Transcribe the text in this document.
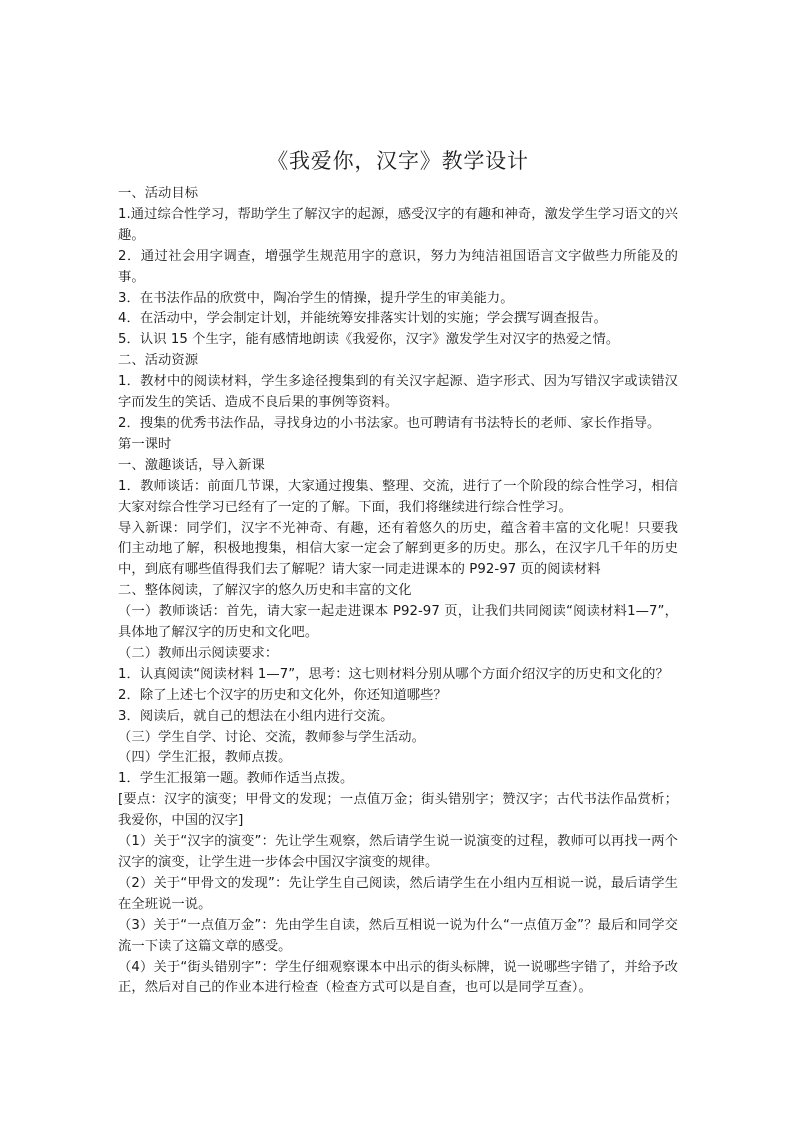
《我爱你，汉字》教学设计

一、活动目标

1.通过综合性学习，帮助学生了解汉字的起源，感受汉字的有趣和神奇，激发学生学习语文的兴趣。

2．通过社会用字调查，增强学生规范用字的意识，努力为纯洁祖国语言文字做些力所能及的事。

3．在书法作品的欣赏中，陶冶学生的情操，提升学生的审美能力。

4．在活动中，学会制定计划，并能统筹安排落实计划的实施；学会撰写调查报告。

5．认识 15 个生字，能有感情地朗读《我爱你，汉字》激发学生对汉字的热爱之情。

二、活动资源

1．教材中的阅读材料，学生多途径搜集到的有关汉字起源、造字形式、因为写错汉字或读错汉字而发生的笑话、造成不良后果的事例等资料。

2．搜集的优秀书法作品，寻找身边的小书法家。也可聘请有书法特长的老师、家长作指导。

第一课时

一、激趣谈话，导入新课

1．教师谈话：前面几节课，大家通过搜集、整理、交流，进行了一个阶段的综合性学习，相信大家对综合性学习已经有了一定的了解。下面，我们将继续进行综合性学习。

导入新课：同学们，汉字不光神奇、有趣，还有着悠久的历史，蕴含着丰富的文化呢！只要我们主动地了解，积极地搜集，相信大家一定会了解到更多的历史。那么，在汉字几千年的历史中，到底有哪些值得我们去了解呢？请大家一同走进课本的 P92-97 页的阅读材料

二、整体阅读，了解汉字的悠久历史和丰富的文化

（一）教师谈话：首先，请大家一起走进课本 P92-97 页，让我们共同阅读“阅读材料1—7”，具体地了解汉字的历史和文化吧。

（二）教师出示阅读要求：

1．认真阅读“阅读材料 1—7”，思考：这七则材料分别从哪个方面介绍汉字的历史和文化的？

2．除了上述七个汉字的历史和文化外，你还知道哪些？

3．阅读后，就自己的想法在小组内进行交流。

（三）学生自学、讨论、交流，教师参与学生活动。

（四）学生汇报，教师点拨。

1．学生汇报第一题。教师作适当点拨。

[要点：汉字的演变；甲骨文的发现；一点值万金；街头错别字；赞汉字；古代书法作品赏析；我爱你，中国的汉字]

（1）关于“汉字的演变”：先让学生观察，然后请学生说一说演变的过程，教师可以再找一两个汉字的演变，让学生进一步体会中国汉字演变的规律。

（2）关于“甲骨文的发现”：先让学生自己阅读，然后请学生在小组内互相说一说，最后请学生在全班说一说。

（3）关于“一点值万金”：先由学生自读，然后互相说一说为什么“一点值万金”？最后和同学交流一下读了这篇文章的感受。

（4）关于“街头错别字”：学生仔细观察课本中出示的街头标牌，说一说哪些字错了，并给予改正，然后对自己的作业本进行检查（检查方式可以是自查，也可以是同学互查）。
